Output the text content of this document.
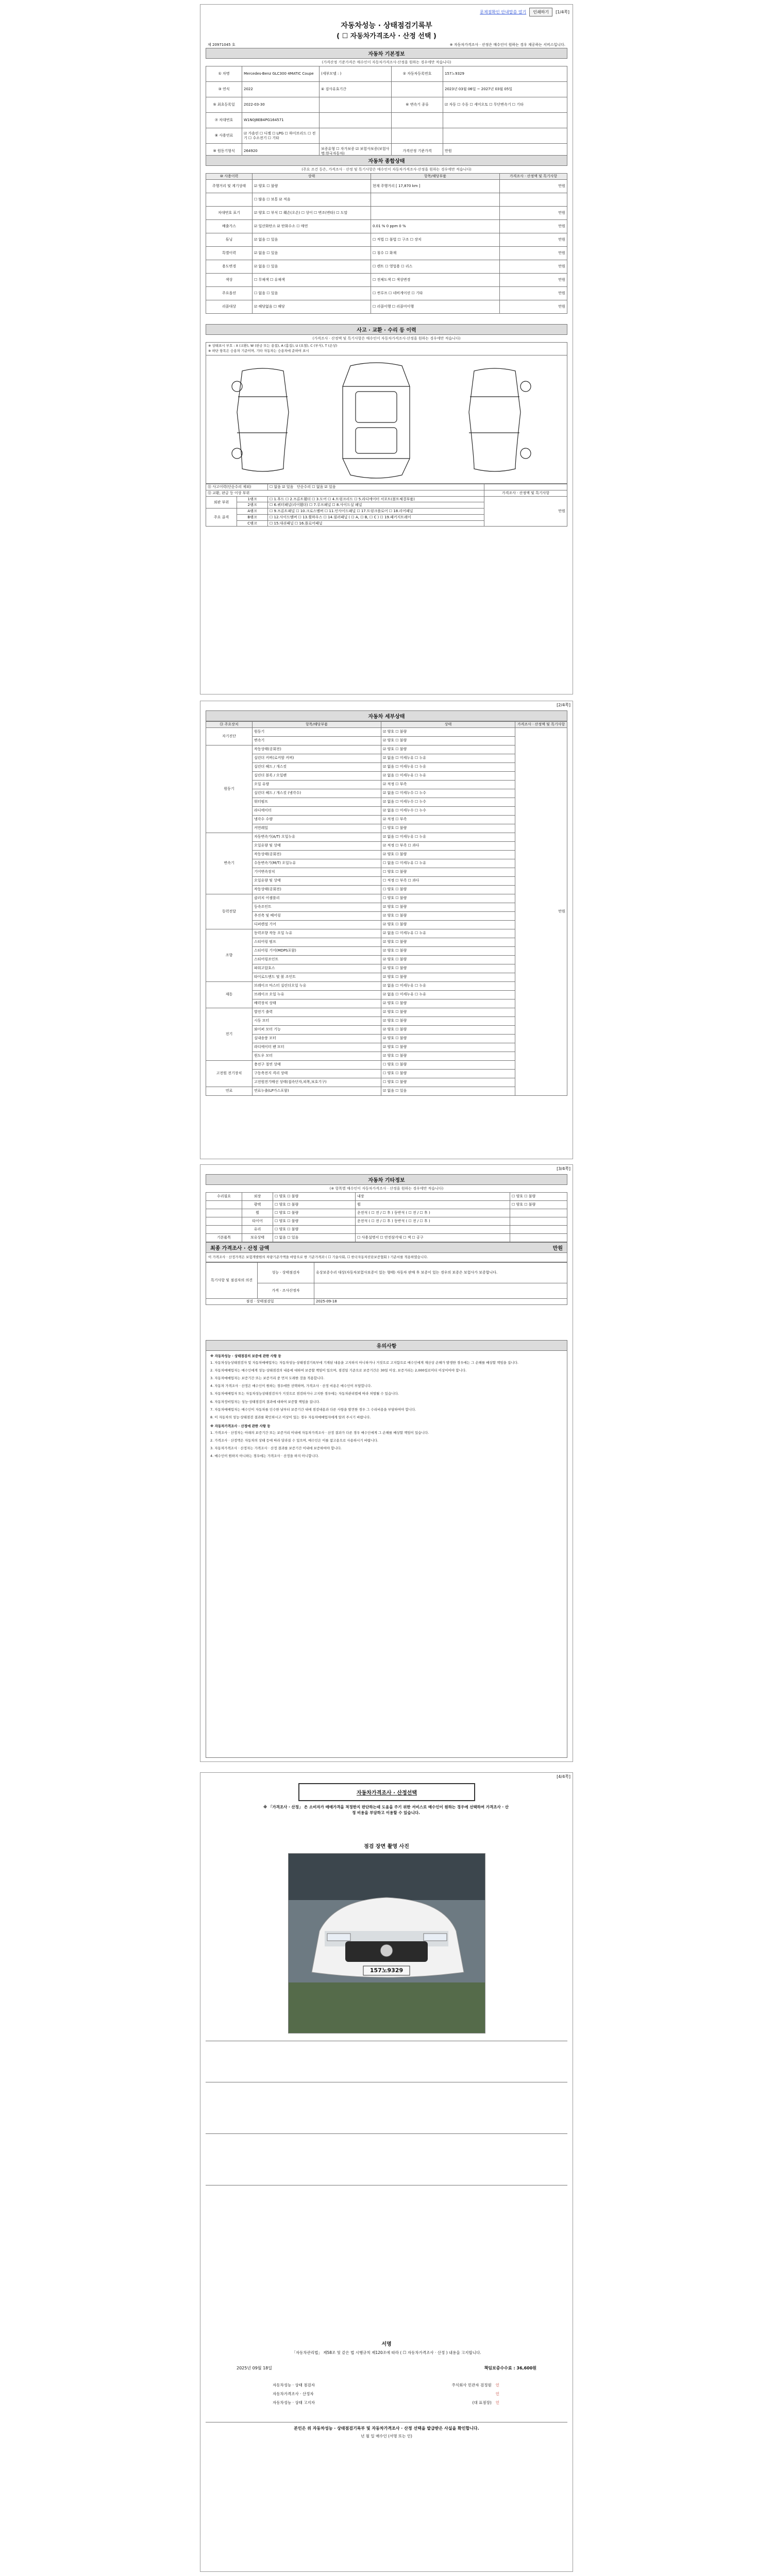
문제점확인 안내말씀 열기	인쇄하기	[1/4쪽]
자동차성능 · 상태점검기록부
( ☐ 자동차가격조사 · 산정 선택 )
제 20971045 호	※ 자동차가격조사 · 산정은 매수인이 원하는 경우 제공하는 서비스입니다.
자동차 기본정보
(가격산정 기준가격은 매수인이 자동차가격조사·산정을 원하는 경우에만 적습니다)
① 차명	Mercedes-Benz GLC300 4MATIC Coupe	(세부모델 : )	② 자동차등록번호	157노9329
③ 연식	2022	④ 검사유효기간		2023년 03월 06일 ~ 2027년 03월 05일
⑤ 최초등록일	2022-03-30		⑥ 변속기 종류	☑ 자동 ☐ 수동 ☐ 세미오토 ☐ 무단변속기 ☐ 기타
⑦ 차대번호	W1N0J8EB4PG164571			
⑧ 사용연료	☑ 가솔린 ☐ 디젤 ☐ LPG ☐ 하이브리드 ☐ 전기 ☐ 수소전기 ☐ 기타			
⑨ 원동기형식	264920	보증유형 ☐ 자가보증 ☑ 보험사보증(보험사명:한국자동차)	가격산정 기준가격	만원
자동차 종합상태
(주요 조건 등은, 가격조사 · 산정 및 특기사항은 매수인이 자동차가격조사·산정을 원하는 경우에만 적습니다)
⑩ 사용이력	상태	항목/해당부품	가격조사 · 산정액 및 특기사항
주행거리 및 계기상태	☑ 양호 ☐ 불량	현재 주행거리 [ 17,870 km ]	만원
	☐ 많음 ☐ 보통 ☑ 적음		
차대번호 표기	☑ 양호 ☐ 부식 ☐ 훼손(오손) ☐ 상이 ☐ 변조(변타) ☐ 도말		만원
배출가스	☑ 일산화탄소 ☑ 탄화수소 ☐ 매연	0.01 % 0 ppm 0 %	만원
튜닝	☑ 없음 ☐ 있음	☐ 적법 ☐ 불법 ☐ 구조 ☐ 장치	만원
특별이력	☑ 없음 ☐ 있음	☐ 침수 ☐ 화재	만원
용도변경	☑ 없음 ☐ 있음	☐ 렌트 ☐ 영업용 ☐ 리스	만원
색상	☐ 무채색 ☐ 유채색	☐ 전체도색 ☐ 색상변경	만원
주요옵션	☐ 없음 ☐ 있음	☐ 썬루프 ☐ 네비게이션 ☐ 기타	만원
리콜대상	☑ 해당없음 ☐ 해당	☐ 리콜이행 ☐ 리콜미이행	만원
사고 · 교환 · 수리 등 이력
(가격조사 · 산정액 및 특기사항은 매수인이 자동차가격조사·산정을 원하는 경우에만 적습니다)

※ 상태표시 부호 : X (교환), W (판금 또는 용접), A (흠집), U (요철), C (부식), T (손상)

※ 하단 항목은 승용차 기준이며, 기타 자동차는 승용차에 준하여 표시

⑪ 사고이력(단순수리 제외)		☐ 없음 ☑ 있음 단순수리 ☐ 없음 ☑ 있음	
⑫ 교환, 판금 등 이상 부위			가격조사 · 산정액 및 특기사항
외판 부위	1랭크	☐ 1.후드 ☐ 2.프론트휀더 ☐ 3.도어 ☐ 4.트렁크리드 ☐ 5.라디에이터 서포트(볼트체결부품)	만원
	2랭크	☐ 6.쿼터패널(리어휀더) ☐ 7.루프패널 ☐ 8.사이드실 패널	
주요 골격	A랭크	☐ 9.프론트패널 ☐ 10.크로스멤버 ☐ 11.인사이드패널 ☐ 17.트렁크플로어 ☐ 18.리어패널	
	B랭크	☐ 12.사이드멤버 ☐ 13.휠하우스 ☐ 14.필러패널 ( ☐ A, ☐ B, ☐ C ) ☐ 19.패키지트레이	
	C랭크	☐ 15.대쉬패널 ☐ 16.플로어패널	
[2/4쪽]
자동차 세부상태
⑬ 주요장치	항목/해당부품	상태	가격조사 · 산정액 및 특기사항
자기진단	원동기	☑ 양호 ☐ 불량	만원
	변속기	☑ 양호 ☐ 불량	
원동기	작동상태(공회전)	☑ 양호 ☐ 불량	
	실린더 커버(로커암 커버)	☑ 없음 ☐ 미세누유 ☐ 누유	
	실린더 헤드 / 개스킷	☑ 없음 ☐ 미세누유 ☐ 누유	
	실린더 블록 / 오일팬	☑ 없음 ☐ 미세누유 ☐ 누유	
	오일 유량	☑ 적정 ☐ 부족	
	실린더 헤드 / 개스킷 (냉각수)	☑ 없음 ☐ 미세누수 ☐ 누수	
	워터펌프	☑ 없음 ☐ 미세누수 ☐ 누수	
	라디에이터	☑ 없음 ☐ 미세누수 ☐ 누수	
	냉각수 수량	☑ 적정 ☐ 부족	
	커먼레일	☐ 양호 ☐ 불량	
변속기	자동변속기(A/T) 오일누유	☑ 없음 ☐ 미세누유 ☐ 누유	
	오일유량 및 상태	☑ 적정 ☐ 부족 ☐ 과다	
	작동상태(공회전)	☑ 양호 ☐ 불량	
	수동변속기(M/T) 오일누유	☐ 없음 ☐ 미세누유 ☐ 누유	
	기어변속장치	☐ 양호 ☐ 불량	
	오일유량 및 상태	☐ 적정 ☐ 부족 ☐ 과다	
	작동상태(공회전)	☐ 양호 ☐ 불량	
동력전달	클러치 어셈블리	☐ 양호 ☐ 불량	
	등속조인트	☑ 양호 ☐ 불량	
	추진축 및 베어링	☑ 양호 ☐ 불량	
	디퍼렌셜 기어	☑ 양호 ☐ 불량	
조향	동력조향 작동 오일 누유	☑ 없음 ☐ 미세누유 ☐ 누유	
	스티어링 펌프	☑ 양호 ☐ 불량	
	스티어링 기어(MDPS포함)	☑ 양호 ☐ 불량	
	스티어링조인트	☑ 양호 ☐ 불량	
	파워고압호스	☑ 양호 ☐ 불량	
	타이로드엔드 및 볼 조인트	☑ 양호 ☐ 불량	
제동	브레이크 마스터 실린더오일 누유	☑ 없음 ☐ 미세누유 ☐ 누유	
	브레이크 오일 누유	☑ 없음 ☐ 미세누유 ☐ 누유	
	배력장치 상태	☑ 양호 ☐ 불량	
전기	발전기 출력	☑ 양호 ☐ 불량	
	시동 모터	☑ 양호 ☐ 불량	
	와이퍼 모터 기능	☑ 양호 ☐ 불량	
	실내송풍 모터	☑ 양호 ☐ 불량	
	라디에이터 팬 모터	☑ 양호 ☐ 불량	
	윈도우 모터	☑ 양호 ☐ 불량	
고전원 전기장치	충전구 절연 상태	☐ 양호 ☐ 불량	
	구동축전지 격리 상태	☐ 양호 ☐ 불량	
	고전원전기배선 상태(접속단자,피복,보호기구)	☐ 양호 ☐ 불량	
연료	연료누출(LP가스포함)	☑ 없음 ☐ 있음	
[3/4쪽]
자동차 기타정보
(※ 항목별 매수인이 자동차가격조사 · 산정을 원하는 경우에만 적습니다)
수리필요	외장	☐ 양호 ☐ 불량	내장	☐ 양호 ☐ 불량
	광택	☐ 양호 ☐ 불량	휠	☐ 양호 ☐ 불량
	휠	☐ 양호 ☐ 불량	운전석 ( ☐ 전 / ☐ 후 ) 동반석 ( ☐ 전 / ☐ 후 )	
	타이어	☐ 양호 ☐ 불량	운전석 ( ☐ 전 / ☐ 후 ) 동반석 ( ☐ 전 / ☐ 후 )	
	유리	☐ 양호 ☐ 불량		
기본품목	보유상태	☐ 없음 ☐ 있음	☐ 사용설명서 ☐ 안전삼각대 ☐ 잭 ☐ 공구	
최종 가격조사 · 산정 금액	만원
이 가격조사 · 산정가격은 보험개발원의 차량기준가액을 바탕으로 한 기준가격과 ( ☐ 기술사회, ☐ 한국자동차진단보증협회 ) 기준서를 적용하였습니다.
특기사항 및 점검자의 의견	성능 · 상태점검자	유상보증수리 대상(자동차보험사보증이 있는 형태) 자동차 판매 후 보증이 있는 경우의 보증은 보험사가 보증합니다.
	가격 · 조사산정자	
점검 · 상태점검일		2025-09-18
유의사항

※ 자동차성능 · 상태점검의 보증에 관한 사항 등

1. 자동차성능상태점검자 및 자동차매매업자는 자동차성능·상태점검기록부에 기재된 내용을 고지하지 아니하거나 거짓으로 고지함으로 매수인에게 재산상 손해가 발생한 경우에는 그 손해를 배상할 책임을 집니다.

2. 자동차매매업자는 매수인에게 성능·상태점검의 내용에 대하여 보증할 책임이 있으며, 점검일 기준으로 보증기간은 30일 이상, 보증거리는 2,000킬로미터 이상이어야 합니다.

3. 자동차매매업자는 보증기간 또는 보증거리 중 먼저 도래한 것을 적용합니다.

4. 자동차 가격조사 · 산정은 매수인이 원하는 경우에만 선택하며, 가격조사 · 산정 비용은 매수인이 부담합니다.

5. 자동차매매업자 또는 자동차성능상태점검자가 거짓으로 점검하거나 고지한 경우에는 자동차관리법에 따라 처벌될 수 있습니다.

6. 자동차정비업자는 성능·상태점검의 결과에 대하여 보증할 책임을 집니다.

7. 자동차매매업자는 매수인이 자동차를 인수한 날부터 보증기간 내에 점검내용과 다른 사항을 발견한 경우 그 수리비용을 부담하여야 합니다.

8. 이 자동차의 성능·상태점검 결과를 확인하시고 이상이 있는 경우 자동차매매업자에게 알려 주시기 바랍니다.

※ 자동차가격조사 · 산정에 관한 사항 등

1. 가격조사 · 산정자는 아래의 보증기간 또는 보증거리 이내에 자동차가격조사 · 산정 결과가 다른 경우 매수인에게 그 손해를 배상할 책임이 있습니다.

2. 가격조사 · 산정액은 자동차의 상태 등에 따라 달라질 수 있으며, 매수인은 이를 참고용으로 사용하시기 바랍니다.

3. 자동차가격조사 · 산정자는 가격조사 · 산정 결과를 보증기간 이내에 보증하여야 합니다.

4. 매수인이 원하지 아니하는 경우에는 가격조사 · 산정을 하지 아니합니다.

[4/4쪽]
자동차가격조사 · 산정선택
※ 「가격조사 · 산정」 은 소비자가 매매가격을 적정한지 판단하는데 도움을 주기 위한 서비스로 매수인이 원하는 경우에 선택하여 가격조사 · 산정 비용을 부담하고 이용할 수 있습니다.
점검 장면 촬영 사진
157노9329
서명
「자동차관리법」 제58조 및 같은 법 시행규칙 제120조에 따라 ( ☐ 자동차가격조사 · 산정 ) 내용을 고지합니다.
2025년 09월 18일	책임보증수수료 : 36,600원
자동차성능 · 상태 점검자	주식회사 민관자 검정원 인
자동차가격조사 · 산정자	인
자동차성능 · 상태 고지자	(대 표점장) 인
본인은 위 자동차성능 · 상태점검기록부 및 자동차가격조사 · 산정 선택을 발급받은 사실을 확인합니다.
년 월 일 매수인 (서명 또는 인)
